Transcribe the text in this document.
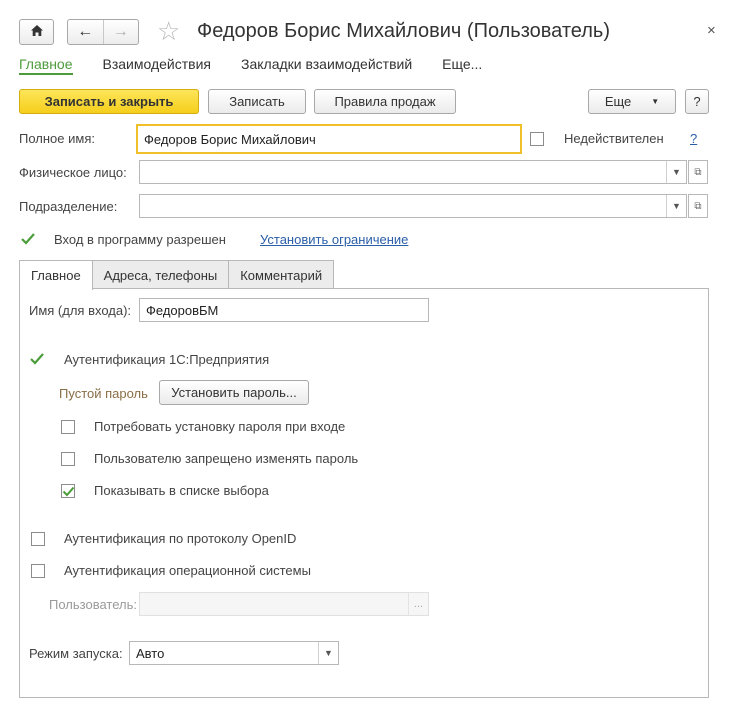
←	→	☆ Федоров Борис Михайлович (Пользователь)	×
Главное Взаимодействия Закладки взаимодействий Еще...
Записать и закрыть	Записать	Правила продаж	Еще	▼	?
Полное имя:	Федоров Борис Михайлович	Недействителен ?
Физическое лицо:	▼	⧉
Подразделение:	▼	⧉
Вход в программу разрешен	Установить ограничение
Главное	Адреса, телефоны	Комментарий
Имя (для входа):	ФедоровБМ
Аутентификация 1С:Предприятия
Пустой пароль	Установить пароль...
Потребовать установку пароля при входе
Пользователю запрещено изменять пароль
Показывать в списке выбора
Аутентификация по протоколу OpenID
Аутентификация операционной системы
Пользователь:	...
Режим запуска: Авто	▼
